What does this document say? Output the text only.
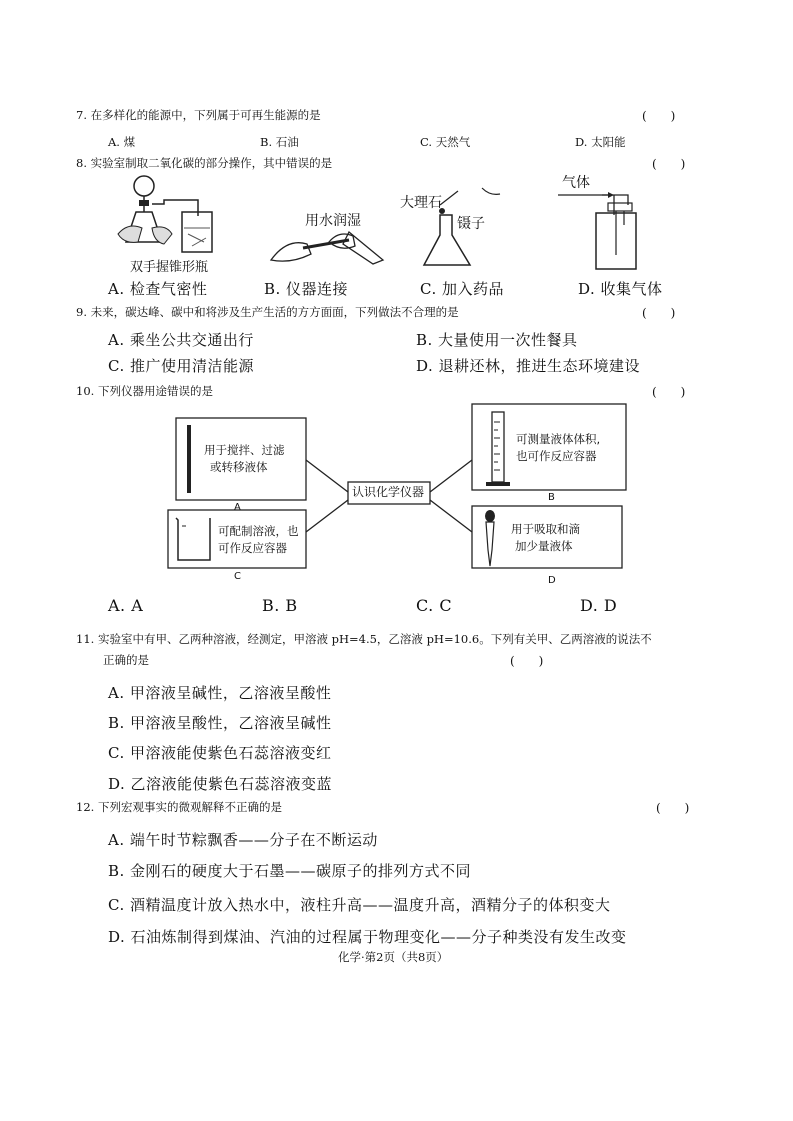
7. 在多样化的能源中，下列属于可再生能源的是	(　　)
A. 煤	B. 石油	C. 天然气	D. 太阳能
8. 实验室制取二氧化碳的部分操作，其中错误的是	(　　)
双手握锥形瓶
用水润湿
大理石
镊子
气体
A. 检查气密性	B. 仪器连接	C. 加入药品	D. 收集气体
9. 未来，碳达峰、碳中和将涉及生产生活的方方面面，下列做法不合理的是	(　　)
A. 乘坐公共交通出行	B. 大量使用一次性餐具
C. 推广使用清洁能源	D. 退耕还林，推进生态环境建设
10. 下列仪器用途错误的是	(　　)
用于搅拌、过滤
或转移液体
可测量液体体积,
也可作反应容器
可配制溶液，也
可作反应容器
用于吸取和滴
加少量液体
认识化学仪器
A
B
C	D
A. A	B. B	C. C	D. D
11. 实验室中有甲、乙两种溶液，经测定，甲溶液 pH=4.5，乙溶液 pH=10.6。下列有关甲、乙两溶液的说法不
正确的是	(　　)
A. 甲溶液呈碱性，乙溶液呈酸性
B. 甲溶液呈酸性，乙溶液呈碱性
C. 甲溶液能使紫色石蕊溶液变红
D. 乙溶液能使紫色石蕊溶液变蓝
12. 下列宏观事实的微观解释不正确的是	(　　)
A. 端午时节粽飘香——分子在不断运动
B. 金刚石的硬度大于石墨——碳原子的排列方式不同
C. 酒精温度计放入热水中，液柱升高——温度升高，酒精分子的体积变大
D. 石油炼制得到煤油、汽油的过程属于物理变化——分子种类没有发生改变
化学·第2页（共8页）
